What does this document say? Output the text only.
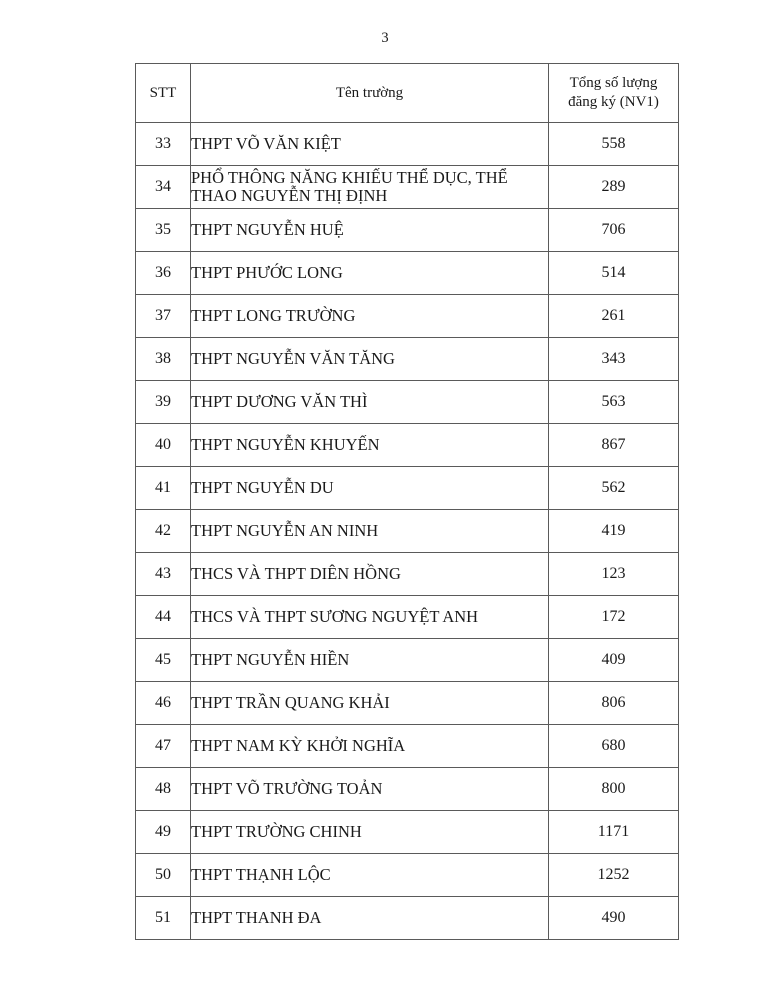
3
STT	Tên trường	Tổng số lượng
đăng ký (NV1)

33	THPT VÕ VĂN KIỆT	558
34	PHỔ THÔNG NĂNG KHIẾU THỂ DỤC, THỂ
THAO NGUYỄN THỊ ĐỊNH	289
35	THPT NGUYỄN HUỆ	706
36	THPT PHƯỚC LONG	514
37	THPT LONG TRƯỜNG	261
38	THPT NGUYỄN VĂN TĂNG	343
39	THPT DƯƠNG VĂN THÌ	563
40	THPT NGUYỄN KHUYẾN	867
41	THPT NGUYỄN DU	562
42	THPT NGUYỄN AN NINH	419
43	THCS VÀ THPT DIÊN HỒNG	123
44	THCS VÀ THPT SƯƠNG NGUYỆT ANH	172
45	THPT NGUYỄN HIỀN	409
46	THPT TRẦN QUANG KHẢI	806
47	THPT NAM KỲ KHỞI NGHĨA	680
48	THPT VÕ TRƯỜNG TOẢN	800
49	THPT TRƯỜNG CHINH	1171
50	THPT THẠNH LỘC	1252
51	THPT THANH ĐA	490
